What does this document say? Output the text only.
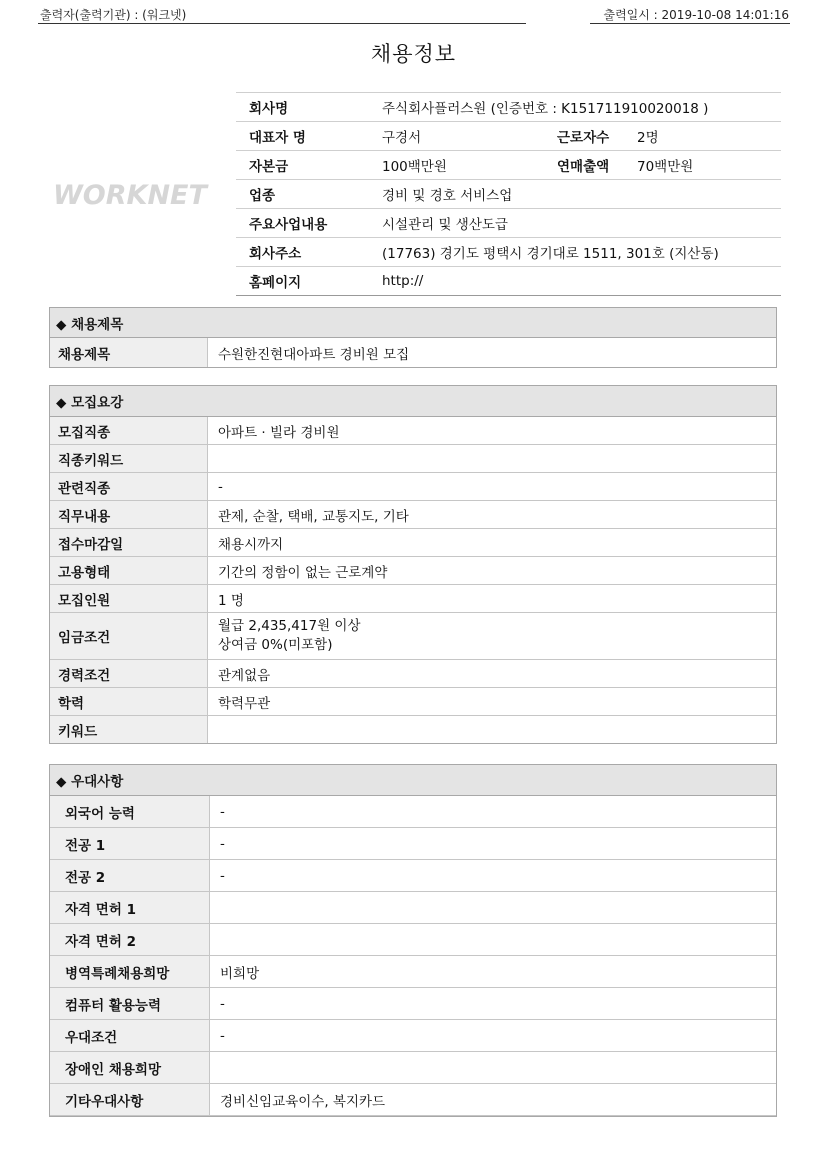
출력자(출력기관) : (워크넷)	출력일시 : 2019-10-08 14:01:16
채용정보
WORKNET
회사명	주식회사플러스원 (인증번호 : K151711910020018 )
대표자 명	구경서	근로자수	2명
자본금	100백만원	연매출액	70백만원
업종	경비 및 경호 서비스업
주요사업내용	시설관리 및 생산도급
회사주소	(17763) 경기도 평택시 경기대로 1511, 301호 (지산동)
홈페이지	http://
◆ 채용제목
채용제목	수원한진현대아파트 경비원 모집
◆ 모집요강
모집직종	아파트 · 빌라 경비원
직종키워드
관련직종	-
직무내용	관제, 순찰, 택배, 교통지도, 기타
접수마감일	채용시까지
고용형태	기간의 정함이 없는 근로계약
모집인원	1 명
임금조건
월급 2,435,417원 이상
상여금 0%(미포함)
경력조건	관계없음
학력	학력무관
키워드
◆ 우대사항
외국어 능력	-
전공 1	-
전공 2	-
자격 면허 1
자격 면허 2
병역특례채용희망	비희망
컴퓨터 활용능력	-
우대조건	-
장애인 채용희망
기타우대사항	경비신임교육이수, 복지카드
